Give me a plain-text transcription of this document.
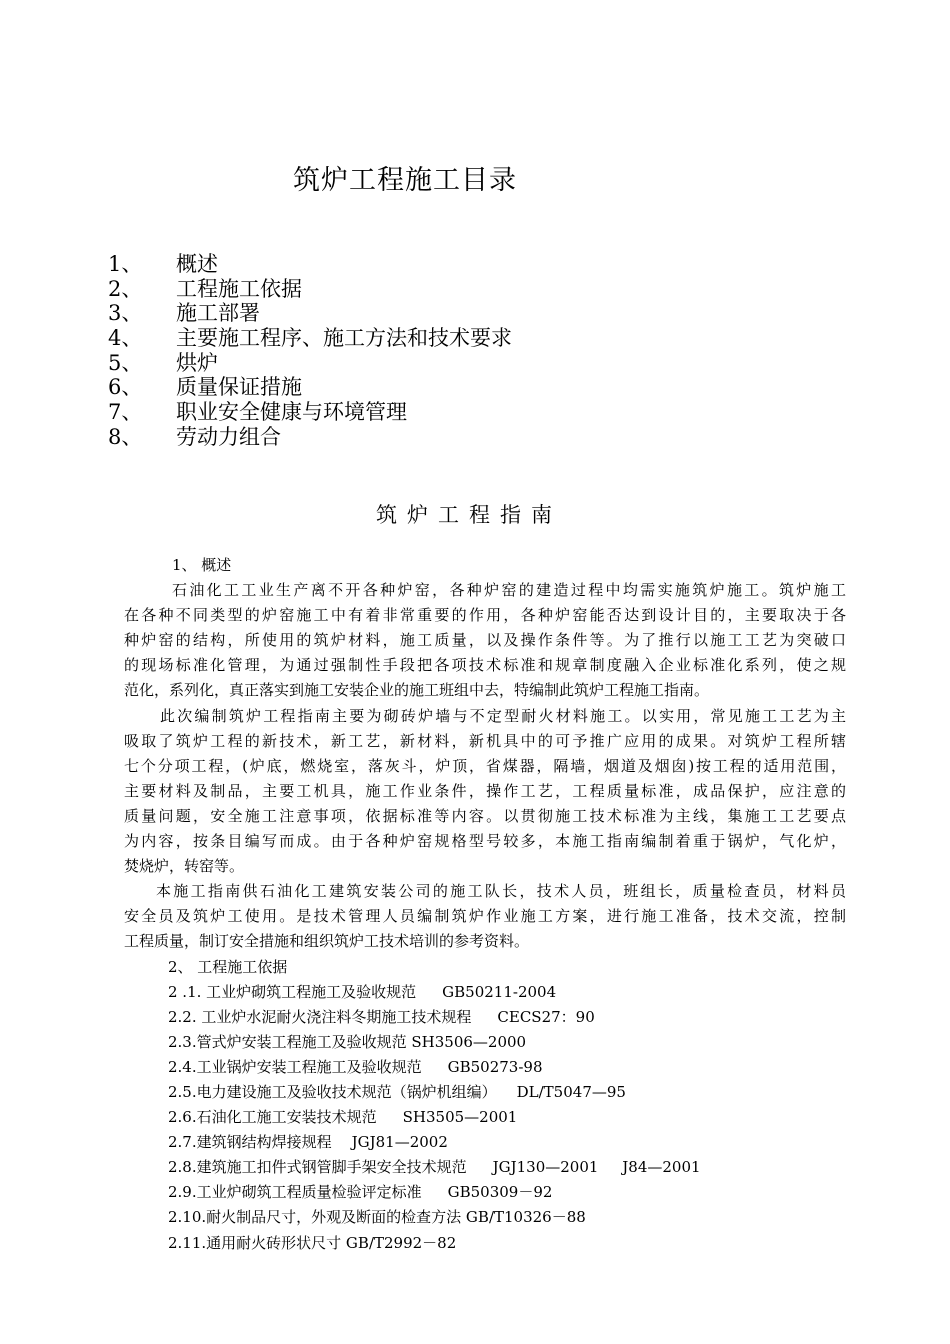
筑炉工程施工目录
1、	概述
2、	工程施工依据
3、	施工部署
4、	主要施工程序、施工方法和技术要求
5、	烘炉
6、	质量保证措施
7、	职业安全健康与环境管理
8、	劳动力组合
筑炉工程指南
1、 概述
石油化工工业生产离不开各种炉窑，各种炉窑的建造过程中均需实施筑炉施工。筑炉施工
在各种不同类型的炉窑施工中有着非常重要的作用，各种炉窑能否达到设计目的，主要取决于各
种炉窑的结构，所使用的筑炉材料，施工质量，以及操作条件等。为了推行以施工工艺为突破口
的现场标准化管理，为通过强制性手段把各项技术标准和规章制度融入企业标准化系列，使之规
范化，系列化，真正落实到施工安装企业的施工班组中去，特编制此筑炉工程施工指南。
此次编制筑炉工程指南主要为砌砖炉墙与不定型耐火材料施工。以实用，常见施工工艺为主
吸取了筑炉工程的新技术，新工艺，新材料，新机具中的可予推广应用的成果。对筑炉工程所辖
七个分项工程，(炉底，燃烧室，落灰斗，炉顶，省煤器，隔墙，烟道及烟囱)按工程的适用范围，
主要材料及制品，主要工机具，施工作业条件，操作工艺，工程质量标准，成品保护，应注意的
质量问题，安全施工注意事项，依据标准等内容。以贯彻施工技术标准为主线，集施工工艺要点
为内容，按条目编写而成。由于各种炉窑规格型号较多，本施工指南编制着重于锅炉，气化炉，
焚烧炉，转窑等。
本施工指南供石油化工建筑安装公司的施工队长，技术人员，班组长，质量检查员，材料员
安全员及筑炉工使用。是技术管理人员编制筑炉作业施工方案，进行施工准备，技术交流，控制
工程质量，制订安全措施和组织筑炉工技术培训的参考资料。
2、 工程施工依据
2 .1. 工业炉砌筑工程施工及验收规范 GB50211-2004
2.2. 工业炉水泥耐火浇注料冬期施工技术规程 CECS27：90
2.3.管式炉安装工程施工及验收规范 SH3506—2000
2.4.工业锅炉安装工程施工及验收规范 GB50273-98
2.5.电力建设施工及验收技术规范（锅炉机组编） DL/T5047—95
2.6.石油化工施工安装技术规范 SH3505—2001
2.7.建筑钢结构焊接规程 JGJ81—2002
2.8.建筑施工扣件式钢管脚手架安全技术规范 JGJ130—2001     J84—2001
2.9.工业炉砌筑工程质量检验评定标准 GB50309－92
2.10.耐火制品尺寸，外观及断面的检查方法 GB/T10326－88
2.11.通用耐火砖形状尺寸 GB/T2992－82
